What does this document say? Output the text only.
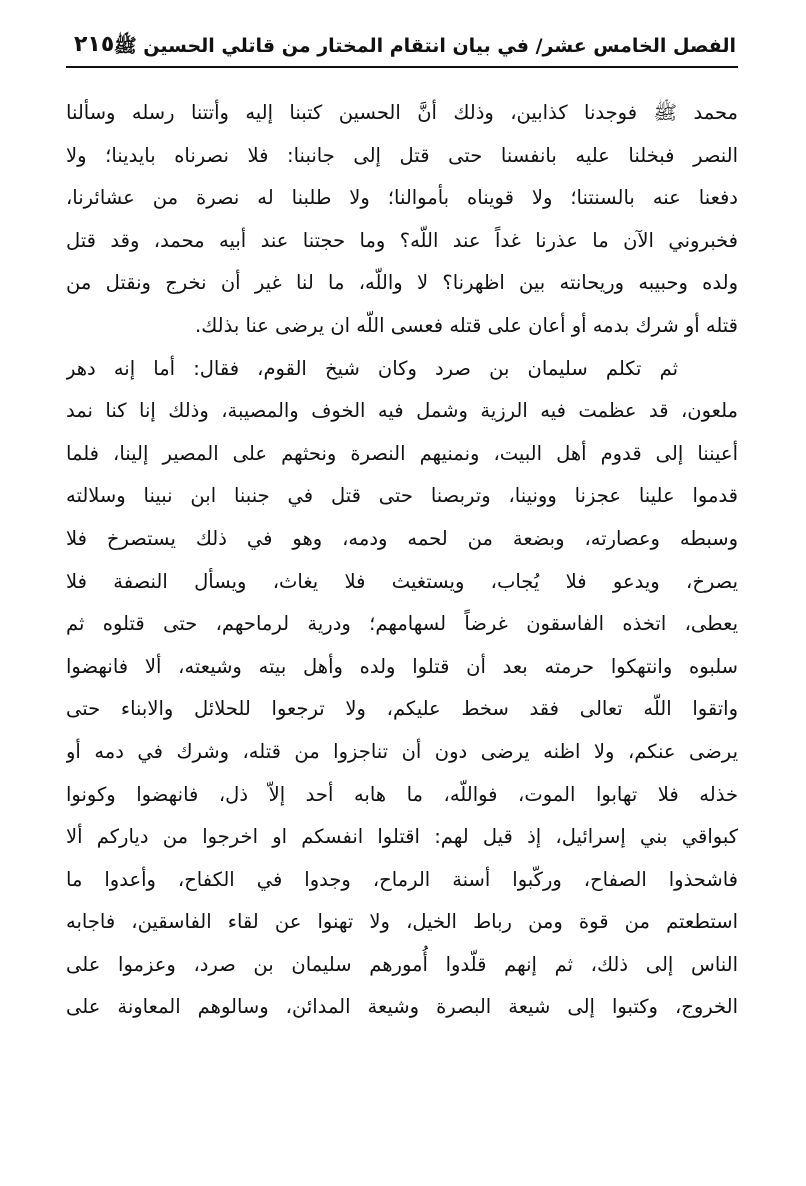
٢١٥ الفصل الخامس عشر/ في بيان انتقام المختار من قاتلي الحسين ﷺ
محمد ﷺ فوجدنا كذابين، وذلك أنَّ الحسين كتبنا إليه وأتتنا رسله وسألنا
النصر فبخلنا عليه بانفسنا حتى قتل إلى جانبنا: فلا نصرناه بايدينا؛ ولا
دفعنا عنه بالسنتنا؛ ولا قويناه بأموالنا؛ ولا طلبنا له نصرة من عشائرنا،
فخبروني الآن ما عذرنا غداً عند اللّه؟ وما حجتنا عند أبيه محمد، وقد قتل
ولده وحبيبه وريحانته بين اظهرنا؟ لا واللّه، ما لنا غير أن نخرج ونقتل من
قتله أو شرك بدمه أو أعان على قتله فعسى اللّه ان يرضى عنا بذلك.
ثم تكلم سليمان بن صرد وكان شيخ القوم، فقال: أما إنه دهر
ملعون، قد عظمت فيه الرزية وشمل فيه الخوف والمصيبة، وذلك إنا كنا نمد
أعيننا إلى قدوم أهل البيت، ونمنيهم النصرة ونحثهم على المصير إلينا، فلما
قدموا علينا عجزنا وونينا، وتربصنا حتى قتل في جنبنا ابن نبينا وسلالته
وسبطه وعصارته، وبضعة من لحمه ودمه، وهو في ذلك يستصرخ فلا
يصرخ، ويدعو فلا يُجاب، ويستغيث فلا يغاث، ويسأل النصفة فلا
يعطى، اتخذه الفاسقون غرضاً لسهامهم؛ ودرية لرماحهم، حتى قتلوه ثم
سلبوه وانتهكوا حرمته بعد أن قتلوا ولده وأهل بيته وشيعته، ألا فانهضوا
واتقوا اللّه تعالى فقد سخط عليكم، ولا ترجعوا للحلائل والابناء حتى
يرضى عنكم، ولا اظنه يرضى دون أن تناجزوا من قتله، وشرك في دمه أو
خذله فلا تهابوا الموت، فواللّه، ما هابه أحد إلاّ ذل، فانهضوا وكونوا
كبواقي بني إسرائيل، إذ قيل لهم: اقتلوا انفسكم او اخرجوا من دياركم ألا
فاشحذوا الصفاح، وركّبوا أسنة الرماح، وجدوا في الكفاح، وأعدوا ما
استطعتم من قوة ومن رباط الخيل، ولا تهنوا عن لقاء الفاسقين، فاجابه
الناس إلى ذلك، ثم إنهم قلّدوا أُمورهم سليمان بن صرد، وعزموا على
الخروج، وكتبوا إلى شيعة البصرة وشيعة المدائن، وسالوهم المعاونة على
